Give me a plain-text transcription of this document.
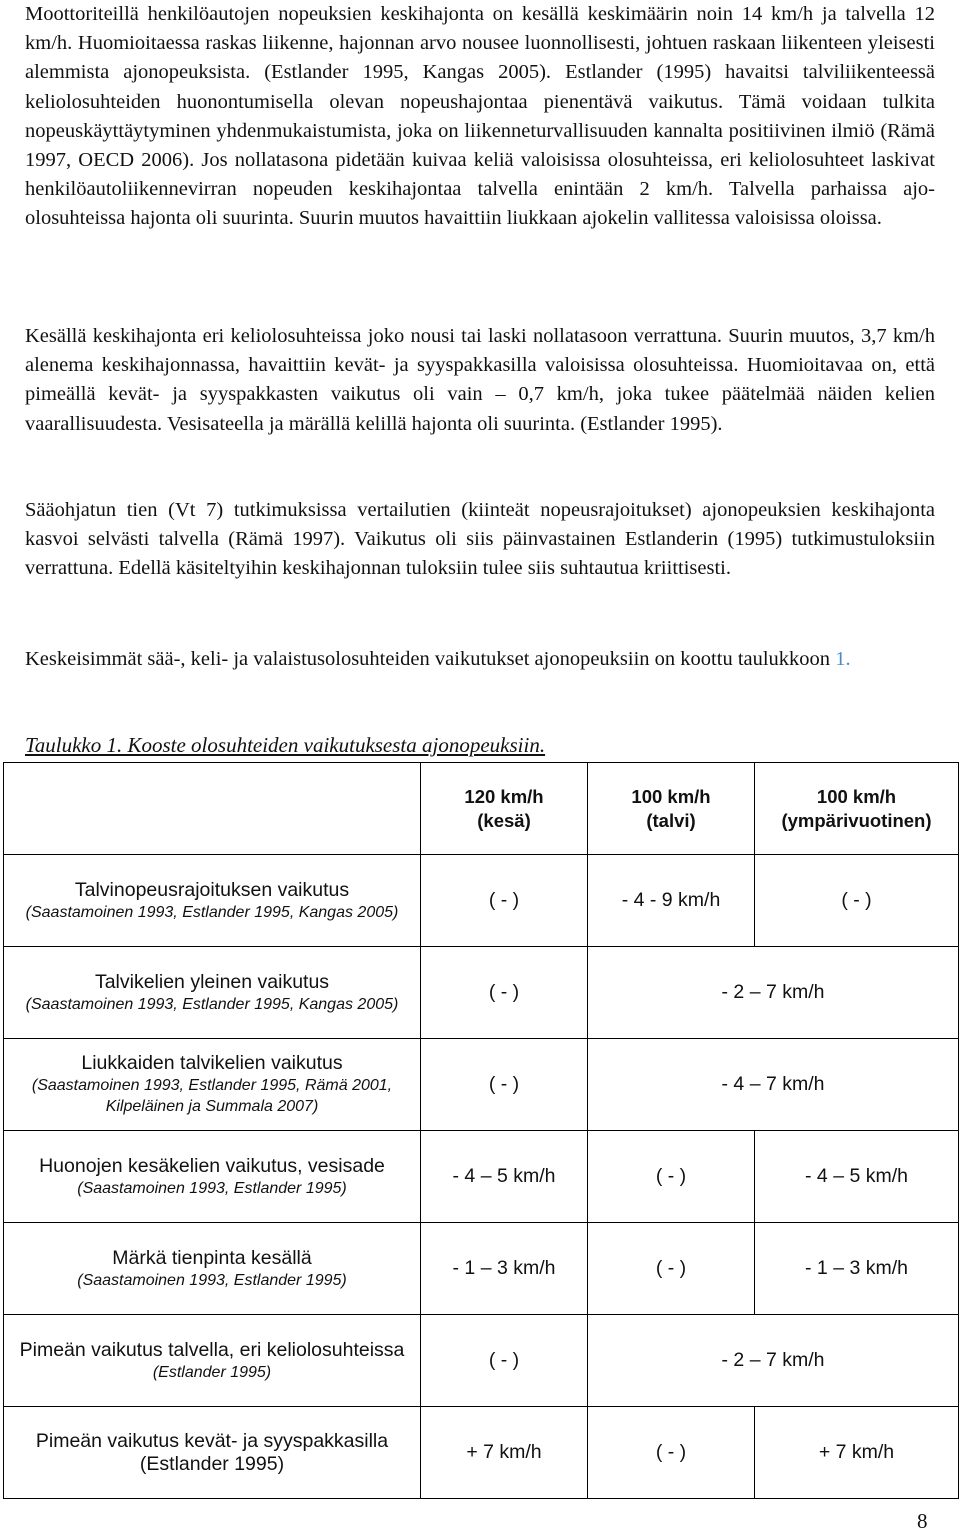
Moottoriteillä henkilöautojen nopeuksien keskihajonta on kesällä keskimäärin noin 14 km/h ja talvella 12 km/h. Huomioitaessa raskas liikenne, hajonnan arvo nousee luonnollisesti, johtuen raskaan liikenteen yleisesti alemmista ajonopeuksista. (Estlander 1995, Kangas 2005). Estlander (1995) havaitsi talviliikenteessä keliolosuhteiden huonontumisella olevan nopeushajontaa pienentävä vaikutus. Tämä voidaan tulkita nopeuskäyttäytyminen yhdenmukaistumista, joka on liikenneturvallisuuden kannalta positiivinen ilmiö (Rämä 1997, OECD 2006). Jos nollatasona pidetään kuivaa keliä valoisissa olosuhteissa, eri keliolosuhteet laskivat henkilöautoliikennevirran nopeuden keskihajontaa talvella enintään 2 km/h. Talvella parhaissa ajo-olosuhteissa hajonta oli suurinta. Suurin muutos havaittiin liukkaan ajokelin vallitessa valoisissa oloissa.

Kesällä keskihajonta eri keliolosuhteissa joko nousi tai laski nollatasoon verrattuna. Suurin muutos, 3,7 km/h alenema keskihajonnassa, havaittiin kevät- ja syyspakkasilla valoisissa olosuhteissa. Huomioitavaa on, että pimeällä kevät- ja syyspakkasten vaikutus oli vain – 0,7 km/h, joka tukee päätelmää näiden kelien vaarallisuudesta. Vesisateella ja märällä kelillä hajonta oli suurinta. (Estlander 1995).

Sääohjatun tien (Vt 7) tutkimuksissa vertailutien (kiinteät nopeusrajoitukset) ajonopeuksien keskihajonta kasvoi selvästi talvella (Rämä 1997). Vaikutus oli siis päinvastainen Estlanderin (1995) tutkimustuloksiin verrattuna. Edellä käsiteltyihin keskihajonnan tuloksiin tulee siis suhtautua kriittisesti.

Keskeisimmät sää-, keli- ja valaistusolosuhteiden vaikutukset ajonopeuksiin on koottu taulukkoon 1.

Taulukko 1. Kooste olosuhteiden vaikutuksesta ajonopeuksiin.
	120 km/h
(kesä)	100 km/h
(talvi)	100 km/h
(ympärivuotinen)

Talvinopeusrajoituksen vaikutus
(Saastamoinen 1993, Estlander 1995, Kangas 2005)	( - )	- 4 - 9 km/h	( - )

Talvikelien yleinen vaikutus
(Saastamoinen 1993, Estlander 1995, Kangas 2005)	( - )	- 2 – 7 km/h	

Liukkaiden talvikelien vaikutus
(Saastamoinen 1993, Estlander 1995, Rämä 2001, Kilpeläinen ja Summala 2007)	( - )	- 4 – 7 km/h	

Huonojen kesäkelien vaikutus, vesisade
(Saastamoinen 1993, Estlander 1995)	- 4 – 5 km/h	( - )	- 4 – 5 km/h

Märkä tienpinta kesällä
(Saastamoinen 1993, Estlander 1995)	- 1 – 3 km/h	( - )	- 1 – 3 km/h

Pimeän vaikutus talvella, eri keliolosuhteissa
(Estlander 1995)	( - )	- 2 – 7 km/h	

Pimeän vaikutus kevät- ja syyspakkasilla
(Estlander 1995)	+ 7 km/h	( - )	+ 7 km/h
8
